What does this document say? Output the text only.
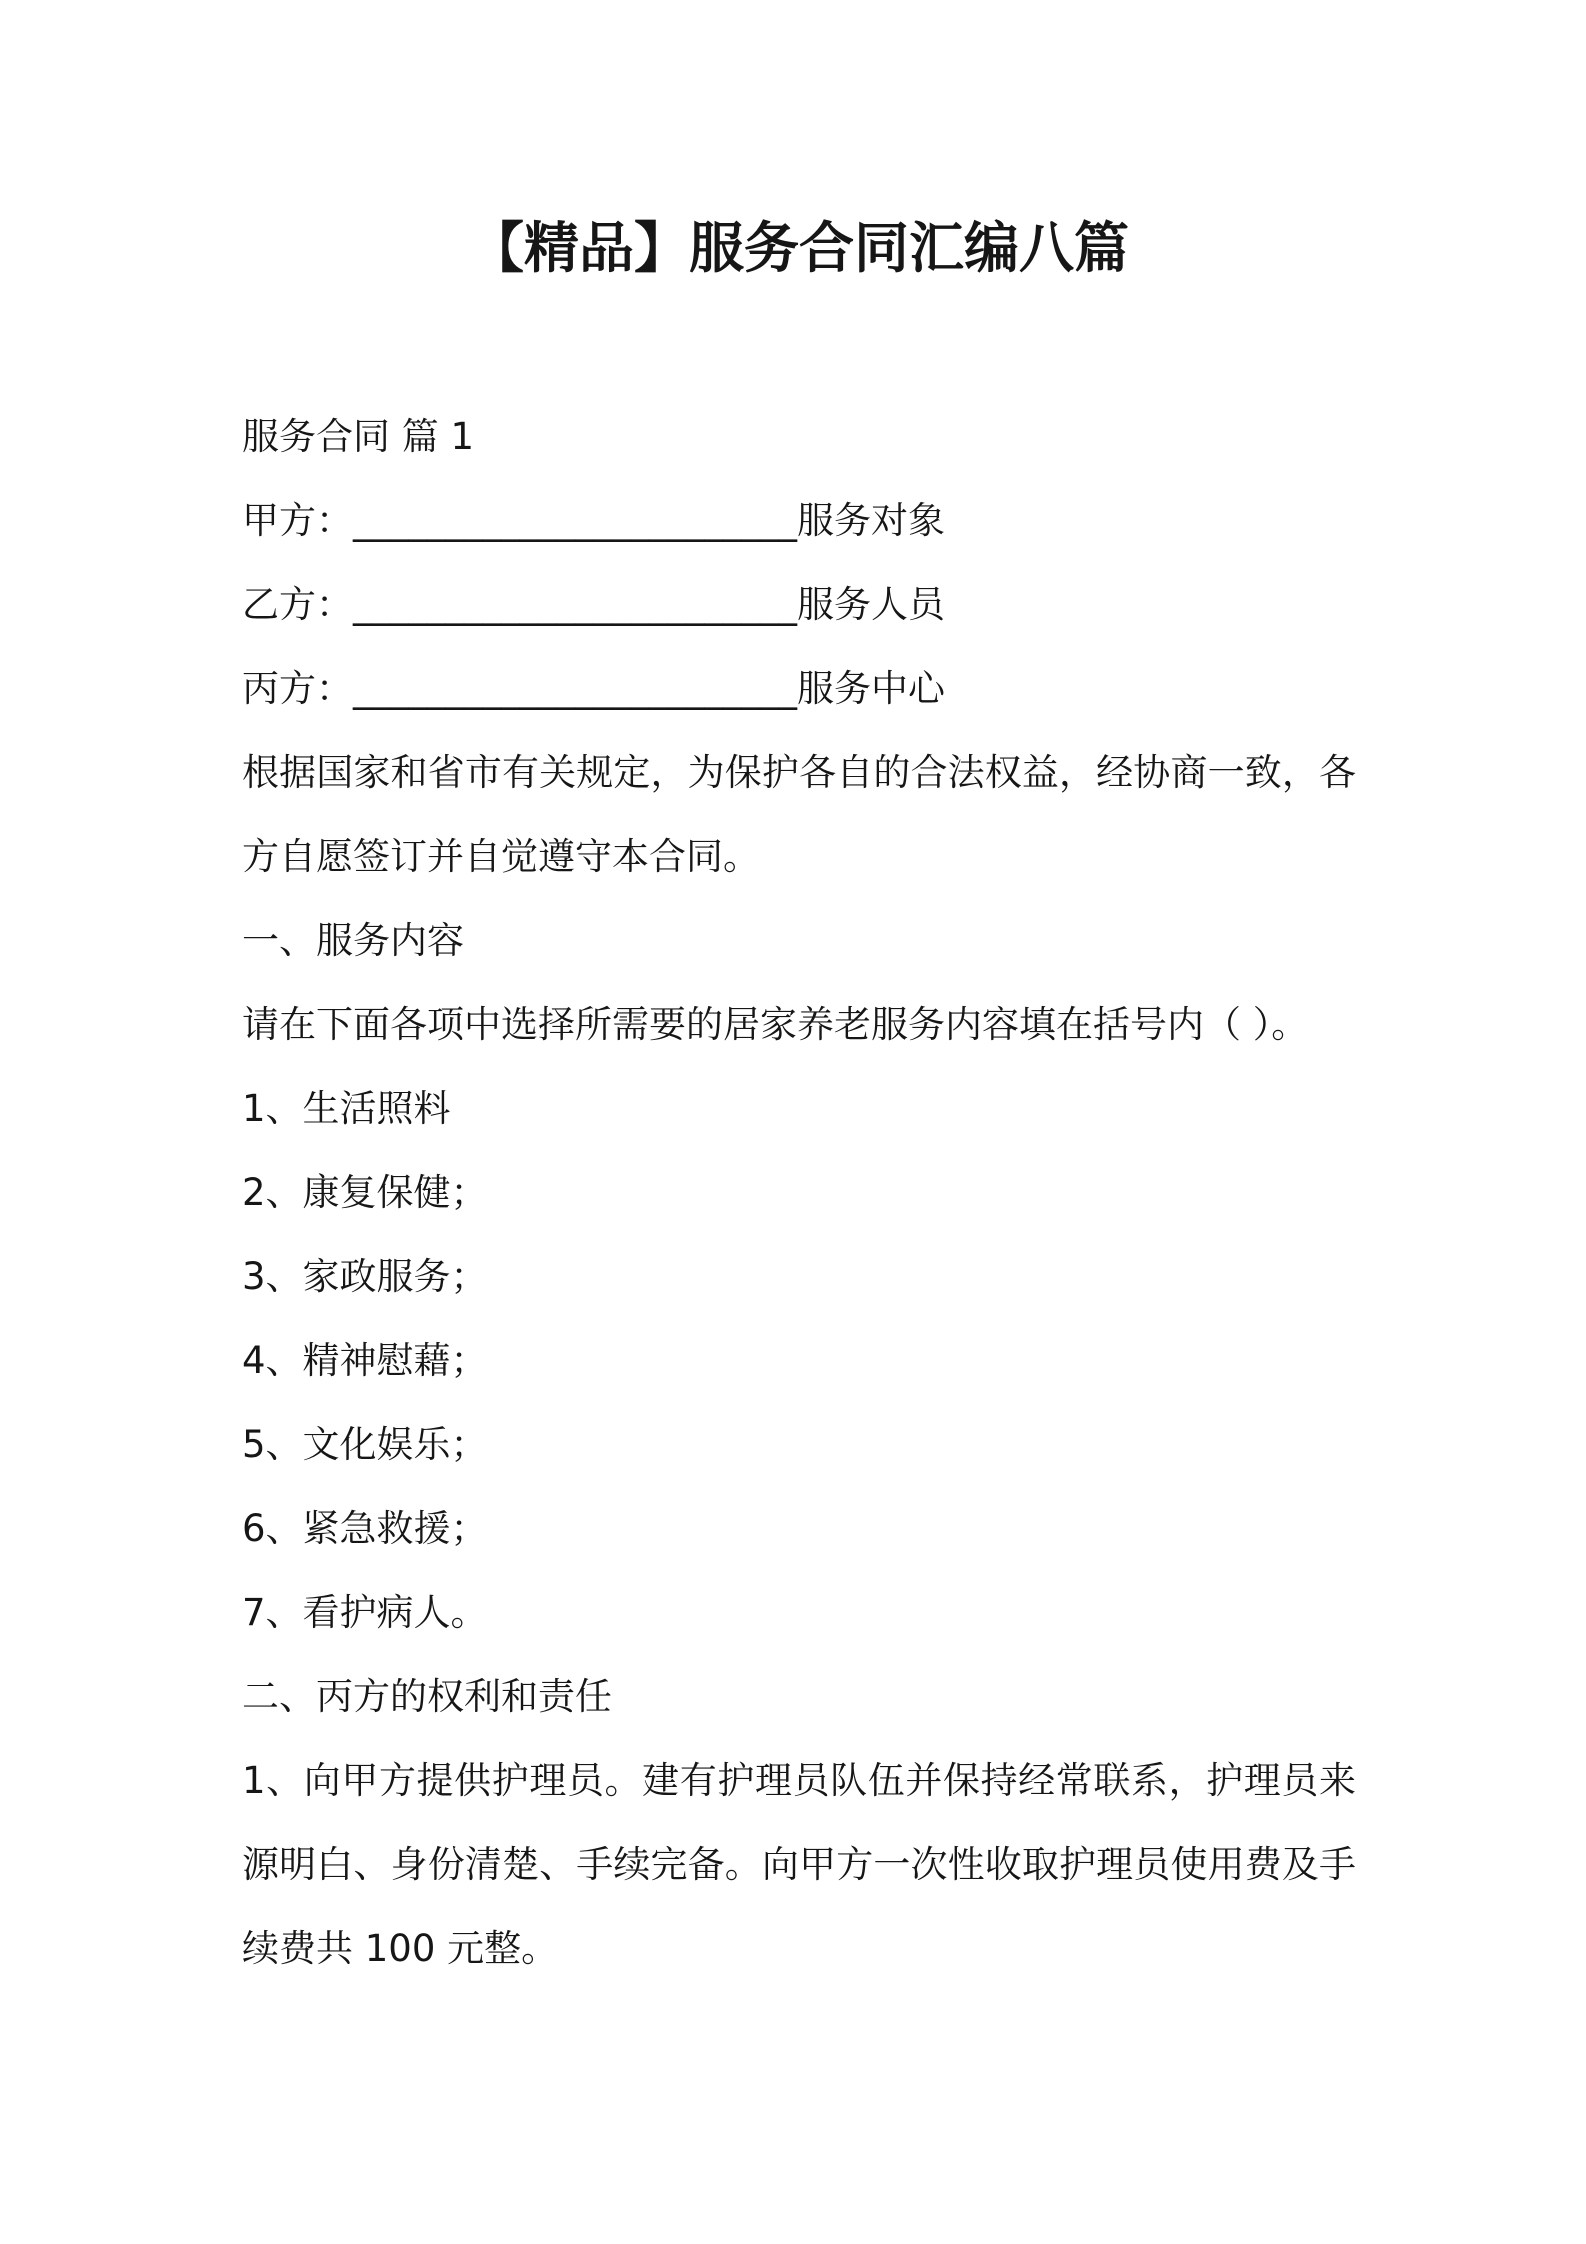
【精品】服务合同汇编八篇
服务合同 篇 1
甲方：________________________服务对象
乙方：________________________服务人员
丙方：________________________服务中心
根据国家和省市有关规定，为保护各自的合法权益，经协商一致，各
方自愿签订并自觉遵守本合同。
一、服务内容
请在下面各项中选择所需要的居家养老服务内容填在括号内（ ）。
1、生活照料
2、康复保健；
3、家政服务；
4、精神慰藉；
5、文化娱乐；
6、紧急救援；
7、看护病人。
二、丙方的权利和责任
1、向甲方提供护理员。建有护理员队伍并保持经常联系，护理员来
源明白、身份清楚、手续完备。向甲方一次性收取护理员使用费及手
续费共 100 元整。
